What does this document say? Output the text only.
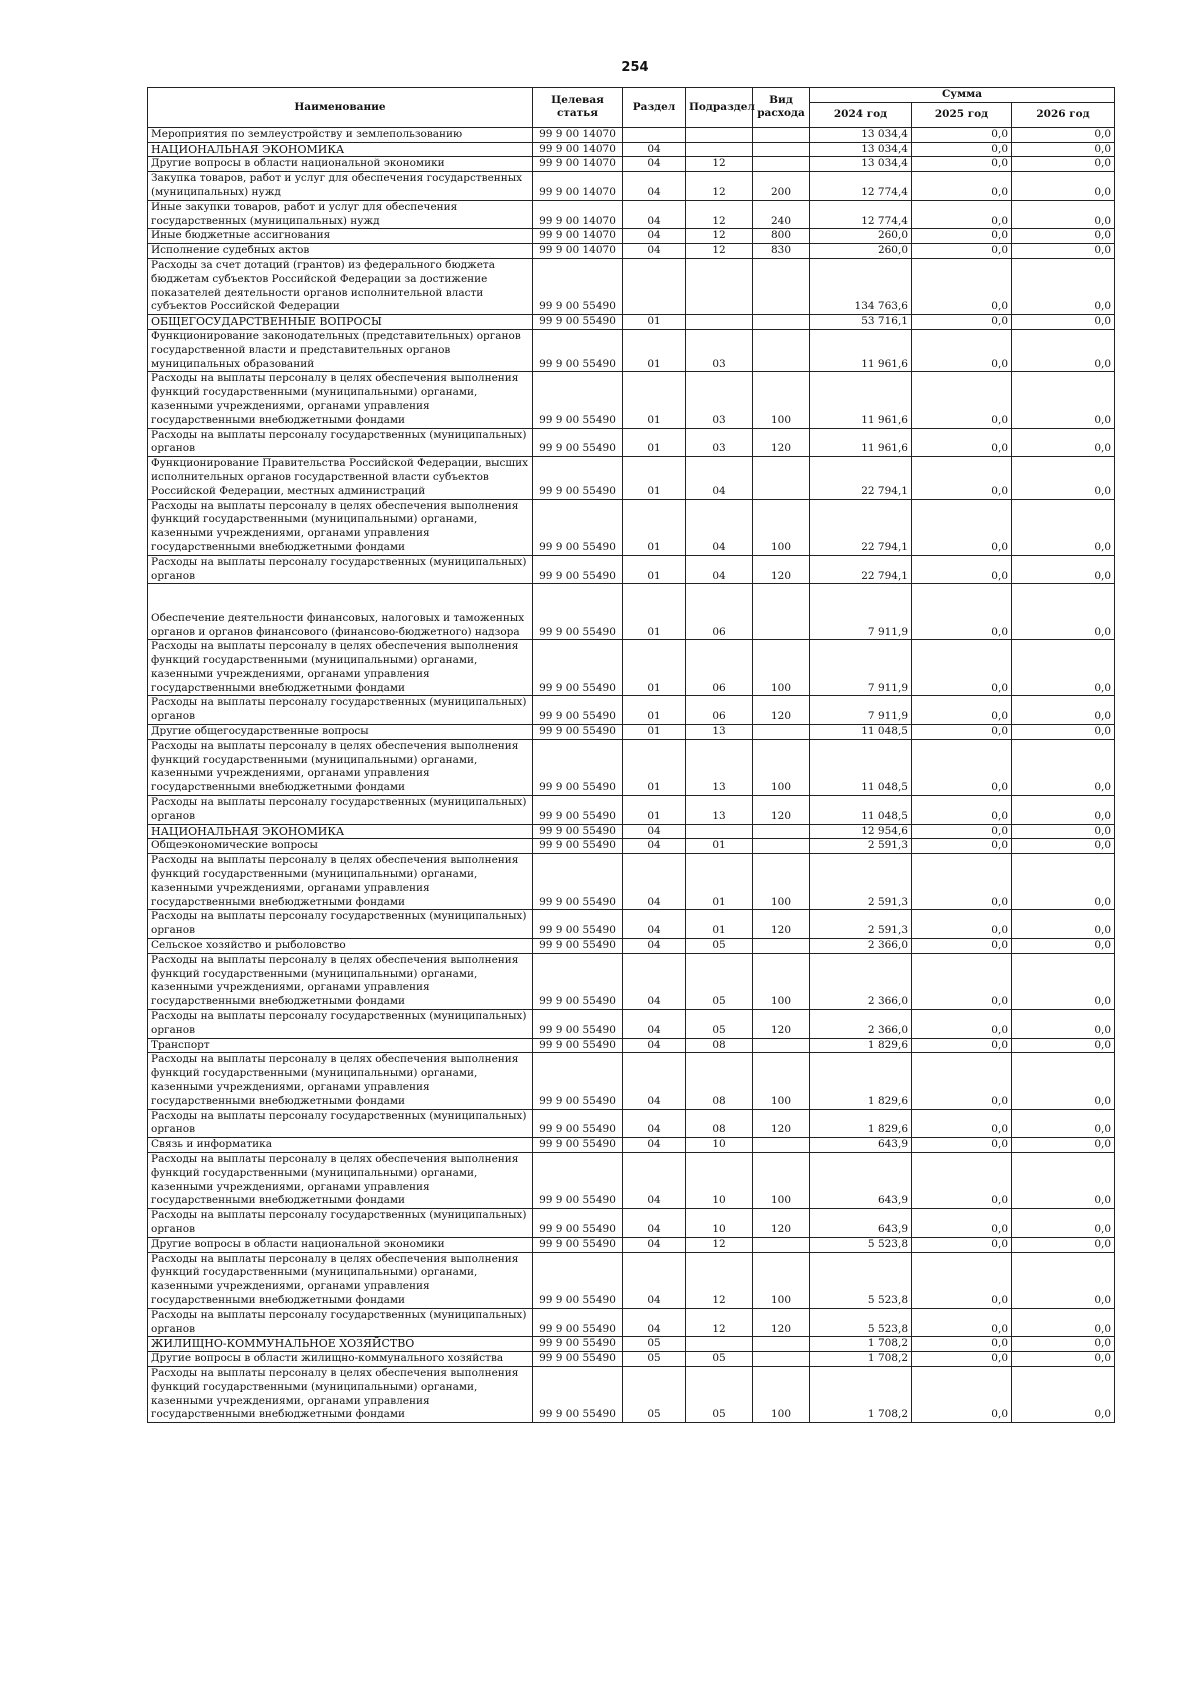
254
Наименование	Целевая статья	Раздел	Подраздел	Вид расхода	Сумма		
					2024 год	2025 год	2026 год
Мероприятия по землеустройству и землепользованию	99 9 00 14070				13 034,4	0,0	0,0
НАЦИОНАЛЬНАЯ ЭКОНОМИКА	99 9 00 14070	04			13 034,4	0,0	0,0
Другие вопросы в области национальной экономики	99 9 00 14070	04	12		13 034,4	0,0	0,0
Закупка товаров, работ и услуг для обеспечения государственных (муниципальных) нужд	99 9 00 14070	04	12	200	12 774,4	0,0	0,0
Иные закупки товаров, работ и услуг для обеспечения государственных (муниципальных) нужд	99 9 00 14070	04	12	240	12 774,4	0,0	0,0
Иные бюджетные ассигнования	99 9 00 14070	04	12	800	260,0	0,0	0,0
Исполнение судебных актов	99 9 00 14070	04	12	830	260,0	0,0	0,0
Расходы за счет дотаций (грантов) из федерального бюджета бюджетам субъектов Российской Федерации за достижение показателей деятельности органов исполнительной власти субъектов Российской Федерации	99 9 00 55490				134 763,6	0,0	0,0
ОБЩЕГОСУДАРСТВЕННЫЕ ВОПРОСЫ	99 9 00 55490	01			53 716,1	0,0	0,0
Функционирование законодательных (представительных) органов государственной власти и представительных органов муниципальных образований	99 9 00 55490	01	03		11 961,6	0,0	0,0
Расходы на выплаты персоналу в целях обеспечения выполнения функций государственными (муниципальными) органами, казенными учреждениями, органами управления государственными внебюджетными фондами	99 9 00 55490	01	03	100	11 961,6	0,0	0,0
Расходы на выплаты персоналу государственных (муниципальных) органов	99 9 00 55490	01	03	120	11 961,6	0,0	0,0
Функционирование Правительства Российской Федерации, высших исполнительных органов государственной власти субъектов Российской Федерации, местных администраций	99 9 00 55490	01	04		22 794,1	0,0	0,0
Расходы на выплаты персоналу в целях обеспечения выполнения функций государственными (муниципальными) органами, казенными учреждениями, органами управления государственными внебюджетными фондами	99 9 00 55490	01	04	100	22 794,1	0,0	0,0
Расходы на выплаты персоналу государственных (муниципальных) органов	99 9 00 55490	01	04	120	22 794,1	0,0	0,0
Обеспечение деятельности финансовых, налоговых и таможенных органов и органов финансового (финансово-бюджетного) надзора	99 9 00 55490	01	06		7 911,9	0,0	0,0
Расходы на выплаты персоналу в целях обеспечения выполнения функций государственными (муниципальными) органами, казенными учреждениями, органами управления государственными внебюджетными фондами	99 9 00 55490	01	06	100	7 911,9	0,0	0,0
Расходы на выплаты персоналу государственных (муниципальных) органов	99 9 00 55490	01	06	120	7 911,9	0,0	0,0
Другие общегосударственные вопросы	99 9 00 55490	01	13		11 048,5	0,0	0,0
Расходы на выплаты персоналу в целях обеспечения выполнения функций государственными (муниципальными) органами, казенными учреждениями, органами управления государственными внебюджетными фондами	99 9 00 55490	01	13	100	11 048,5	0,0	0,0
Расходы на выплаты персоналу государственных (муниципальных) органов	99 9 00 55490	01	13	120	11 048,5	0,0	0,0
НАЦИОНАЛЬНАЯ ЭКОНОМИКА	99 9 00 55490	04			12 954,6	0,0	0,0
Общеэкономические вопросы	99 9 00 55490	04	01		2 591,3	0,0	0,0
Расходы на выплаты персоналу в целях обеспечения выполнения функций государственными (муниципальными) органами, казенными учреждениями, органами управления государственными внебюджетными фондами	99 9 00 55490	04	01	100	2 591,3	0,0	0,0
Расходы на выплаты персоналу государственных (муниципальных) органов	99 9 00 55490	04	01	120	2 591,3	0,0	0,0
Сельское хозяйство и рыболовство	99 9 00 55490	04	05		2 366,0	0,0	0,0
Расходы на выплаты персоналу в целях обеспечения выполнения функций государственными (муниципальными) органами, казенными учреждениями, органами управления государственными внебюджетными фондами	99 9 00 55490	04	05	100	2 366,0	0,0	0,0
Расходы на выплаты персоналу государственных (муниципальных) органов	99 9 00 55490	04	05	120	2 366,0	0,0	0,0
Транспорт	99 9 00 55490	04	08		1 829,6	0,0	0,0
Расходы на выплаты персоналу в целях обеспечения выполнения функций государственными (муниципальными) органами, казенными учреждениями, органами управления государственными внебюджетными фондами	99 9 00 55490	04	08	100	1 829,6	0,0	0,0
Расходы на выплаты персоналу государственных (муниципальных) органов	99 9 00 55490	04	08	120	1 829,6	0,0	0,0
Связь и информатика	99 9 00 55490	04	10		643,9	0,0	0,0
Расходы на выплаты персоналу в целях обеспечения выполнения функций государственными (муниципальными) органами, казенными учреждениями, органами управления государственными внебюджетными фондами	99 9 00 55490	04	10	100	643,9	0,0	0,0
Расходы на выплаты персоналу государственных (муниципальных) органов	99 9 00 55490	04	10	120	643,9	0,0	0,0
Другие вопросы в области национальной экономики	99 9 00 55490	04	12		5 523,8	0,0	0,0
Расходы на выплаты персоналу в целях обеспечения выполнения функций государственными (муниципальными) органами, казенными учреждениями, органами управления государственными внебюджетными фондами	99 9 00 55490	04	12	100	5 523,8	0,0	0,0
Расходы на выплаты персоналу государственных (муниципальных) органов	99 9 00 55490	04	12	120	5 523,8	0,0	0,0
ЖИЛИЩНО-КОММУНАЛЬНОЕ ХОЗЯЙСТВО	99 9 00 55490	05			1 708,2	0,0	0,0
Другие вопросы в области жилищно-коммунального хозяйства	99 9 00 55490	05	05		1 708,2	0,0	0,0
Расходы на выплаты персоналу в целях обеспечения выполнения функций государственными (муниципальными) органами, казенными учреждениями, органами управления государственными внебюджетными фондами	99 9 00 55490	05	05	100	1 708,2	0,0	0,0
